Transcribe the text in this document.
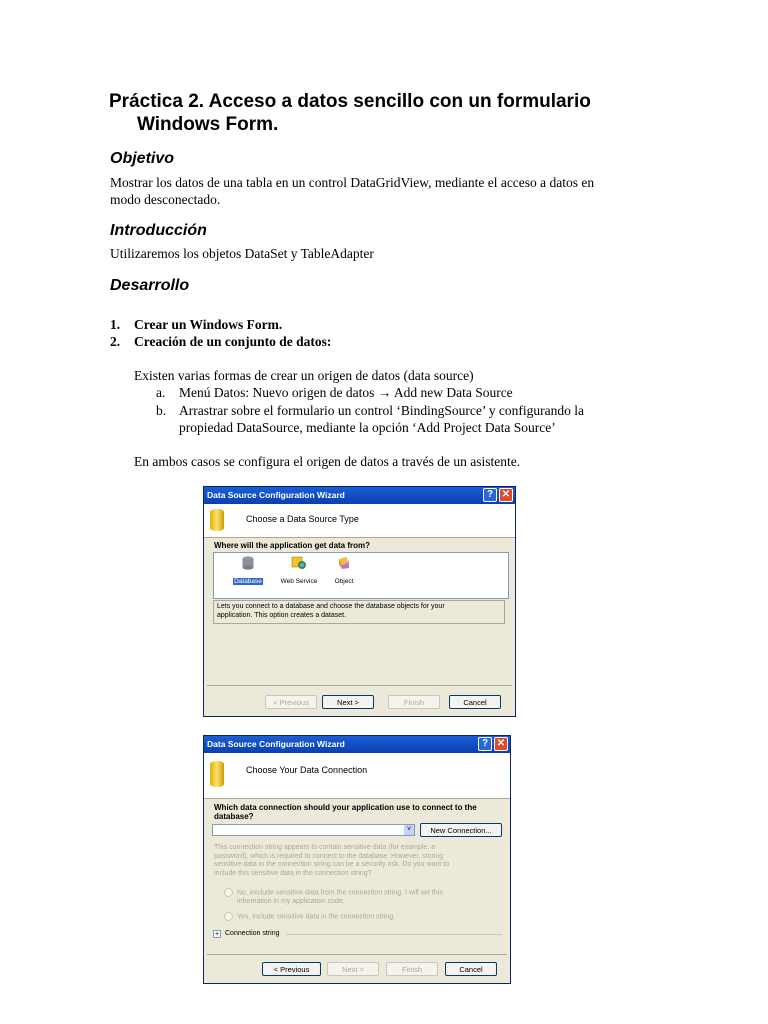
Práctica 2. Acceso a datos sencillo con un formulario
Windows Form.
Objetivo
Mostrar los datos de una tabla en un control DataGridView, mediante el acceso a datos en
modo desconectado.
Introducción
Utilizaremos los objetos DataSet y TableAdapter
Desarrollo
1. Crear un Windows Form.
2. Creación de un conjunto de datos:
Existen varias formas de crear un origen de datos (data source)
a. Menú Datos: Nuevo origen de datos → Add new Data Source
b. Arrastrar sobre el formulario un control ‘BindingSource’ y configurando la
propiedad DataSource, mediante la opción ‘Add Project Data Source’
En ambos casos se configura el origen de datos a través de un asistente.
Data Source Configuration Wizard	? ✕
Choose a Data Source Type
Where will the application get data from?
Database	Web Service	Object
Lets you connect to a database and choose the database objects for your
application. This option creates a dataset.
< Previous	Next >	Finish	Cancel
Data Source Configuration Wizard	? ✕
Choose Your Data Connection
Which data connection should your application use to connect to the
database?
˅	New Connection...
This connection string appears to contain sensitive data (for example, a
password), which is required to connect to the database. However, storing
sensitive data in the connection string can be a security risk. Do you want to
include this sensitive data in the connection string?
No, exclude sensitive data from the connection string. I will set this
information in my application code.
Yes, include sensitive data in the connection string.
+ Connection string
< Previous	Next >	Finish	Cancel
